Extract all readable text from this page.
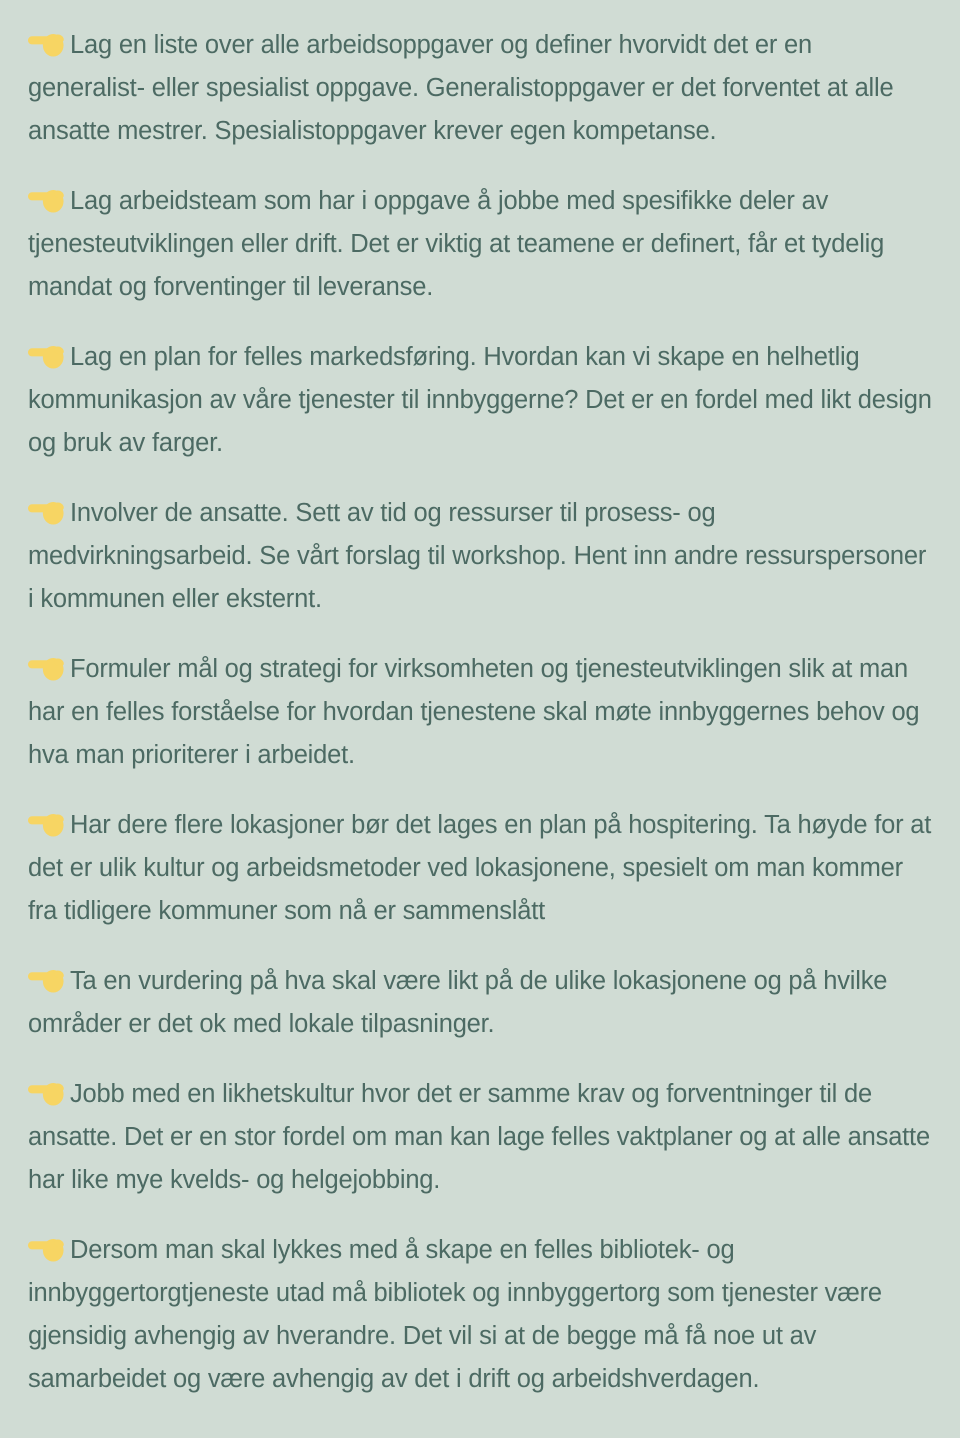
Lag en liste over alle arbeidsoppgaver og definer hvorvidt det er en generalist- eller spesialist oppgave. Generalistoppgaver er det forventet at alle ansatte mestrer. Spesialistoppgaver krever egen kompetanse.

Lag arbeidsteam som har i oppgave å jobbe med spesifikke deler av tjenesteutviklingen eller drift. Det er viktig at teamene er definert, får et tydelig mandat og forventinger til leveranse.

Lag en plan for felles markedsføring. Hvordan kan vi skape en helhetlig kommunikasjon av våre tjenester til innbyggerne? Det er en fordel med likt design og bruk av farger.

Involver de ansatte. Sett av tid og ressurser til prosess- og medvirkningsarbeid. Se vårt forslag til workshop. Hent inn andre ressurspersoner i kommunen eller eksternt.

Formuler mål og strategi for virksomheten og tjenesteutviklingen slik at man har en felles forståelse for hvordan tjenestene skal møte innbyggernes behov og hva man prioriterer i arbeidet.

Har dere flere lokasjoner bør det lages en plan på hospitering. Ta høyde for at det er ulik kultur og arbeidsmetoder ved lokasjonene, spesielt om man kommer fra tidligere kommuner som nå er sammenslått

Ta en vurdering på hva skal være likt på de ulike lokasjonene og på hvilke områder er det ok med lokale tilpasninger.

Jobb med en likhetskultur hvor det er samme krav og forventninger til de ansatte. Det er en stor fordel om man kan lage felles vaktplaner og at alle ansatte har like mye kvelds- og helgejobbing.

Dersom man skal lykkes med å skape en felles bibliotek- og innbyggertorgtjeneste utad må bibliotek og innbyggertorg som tjenester være gjensidig avhengig av hverandre. Det vil si at de begge må få noe ut av samarbeidet og være avhengig av det i drift og arbeidshverdagen.
